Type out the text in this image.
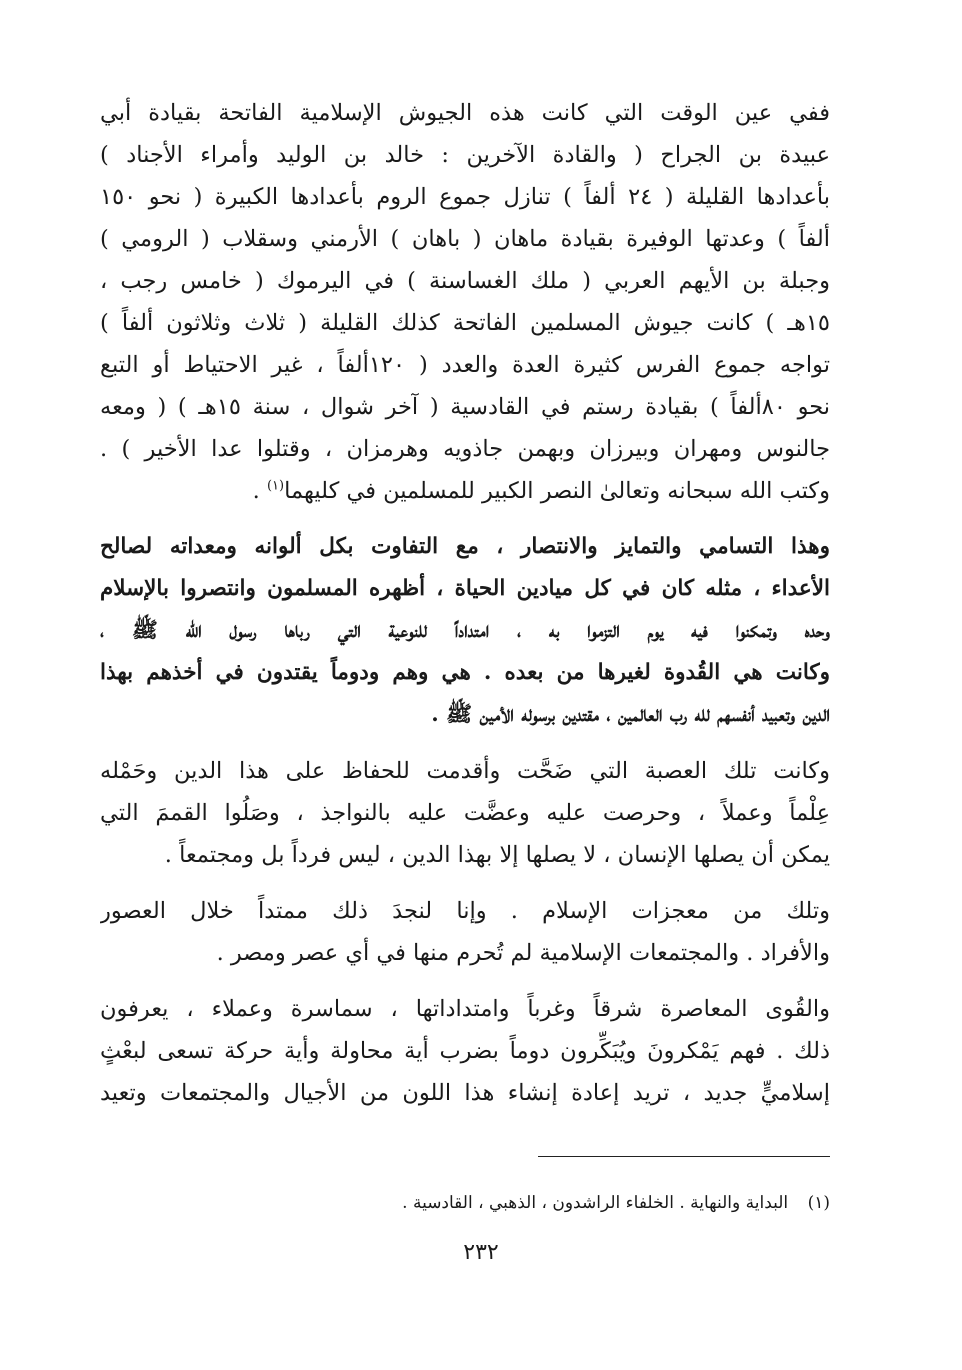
ففي عين الوقت التي كانت هذه الجيوش الإسلامية الفاتحة بقيادة أبي
عبيدة بن الجراح ( والقادة الآخرين : خالد بن الوليد وأمراء الأجناد )
بأعدادها القليلة ( ٢٤ ألفاً ) تنازل جموع الروم بأعدادها الكبيرة ( نحو ١٥٠
ألفاً ) وعدتها الوفيرة بقيادة ماهان ( باهان ) الأرمني وسقلاب ( الرومي )
وجبلة بن الأيهم العربي ( ملك الغساسنة ) في اليرموك ( خامس رجب ،
١٥هـ ) كانت جيوش المسلمين الفاتحة كذلك القليلة ( ثلاث وثلاثون ألفاً )
تواجه جموع الفرس كثيرة العدة والعدد ( ١٢٠ألفاً ، غير الاحتياط أو التبع
نحو ٨٠ألفاً ) بقيادة رستم في القادسية ( آخر شوال ، سنة ١٥هـ ) ( ومعه
جالنوس ومهران وبيرزان وبهمن جاذويه وهرمزان ، وقتلوا عدا الأخير ) .
وكتب الله سبحانه وتعالىٰ النصر الكبير للمسلمين في كليهما$^{(١)}$ .
وهذا التسامي والتمايز والانتصار ، مع التفاوت بكل ألوانه ومعداته لصالح
الأعداء ، مثله كان في كل ميادين الحياة ، أظهره المسلمون وانتصروا بالإسلام
وحده وتمكنوا فيه يوم التزموا به ، امتداداً للنوعية التي رباها رسول الله ﷺ ،
وكانت هي القُدوة لغيرها من بعده . هي وهم ودوماً يقتدون في أخذهم بهذا
الدين وتعبيد أنفسهم لله رب العالمين ، مقتدين برسوله الأمين ﷺ .
وكانت تلك العصبة التي ضَحَّت وأقدمت للحفاظ على هذا الدين وحَمْله
عِلْماً وعملاً ، وحرصت عليه وعضَّت عليه بالنواجذ ، وصَلُوا القممَ التي
يمكن أن يصلها الإنسان ، لا يصلها إلا بهذا الدين ، ليس فرداً بل ومجتمعاً .
وتلك من معجزات الإسلام . وإنا لنجدَ ذلك ممتداً خلال العصور
والأفراد . والمجتمعات الإسلامية لم تُحرم منها في أي عصر ومصر .
والقُوى المعاصرة شرقاً وغرباً وامتداداتها ، سماسرة وعملاء ، يعرفون
ذلك . فهم يَمْكرونَ ويُبَكِّرون دوماً بضرب أية محاولة وأية حركة تسعى لبعْثٍ
إسلاميٍّ جديد ، تريد إعادة إنشاء هذا اللون من الأجيال والمجتمعات وتعيد
(١) البداية والنهاية . الخلفاء الراشدون ، الذهبي ، القادسية .
٢٣٢
